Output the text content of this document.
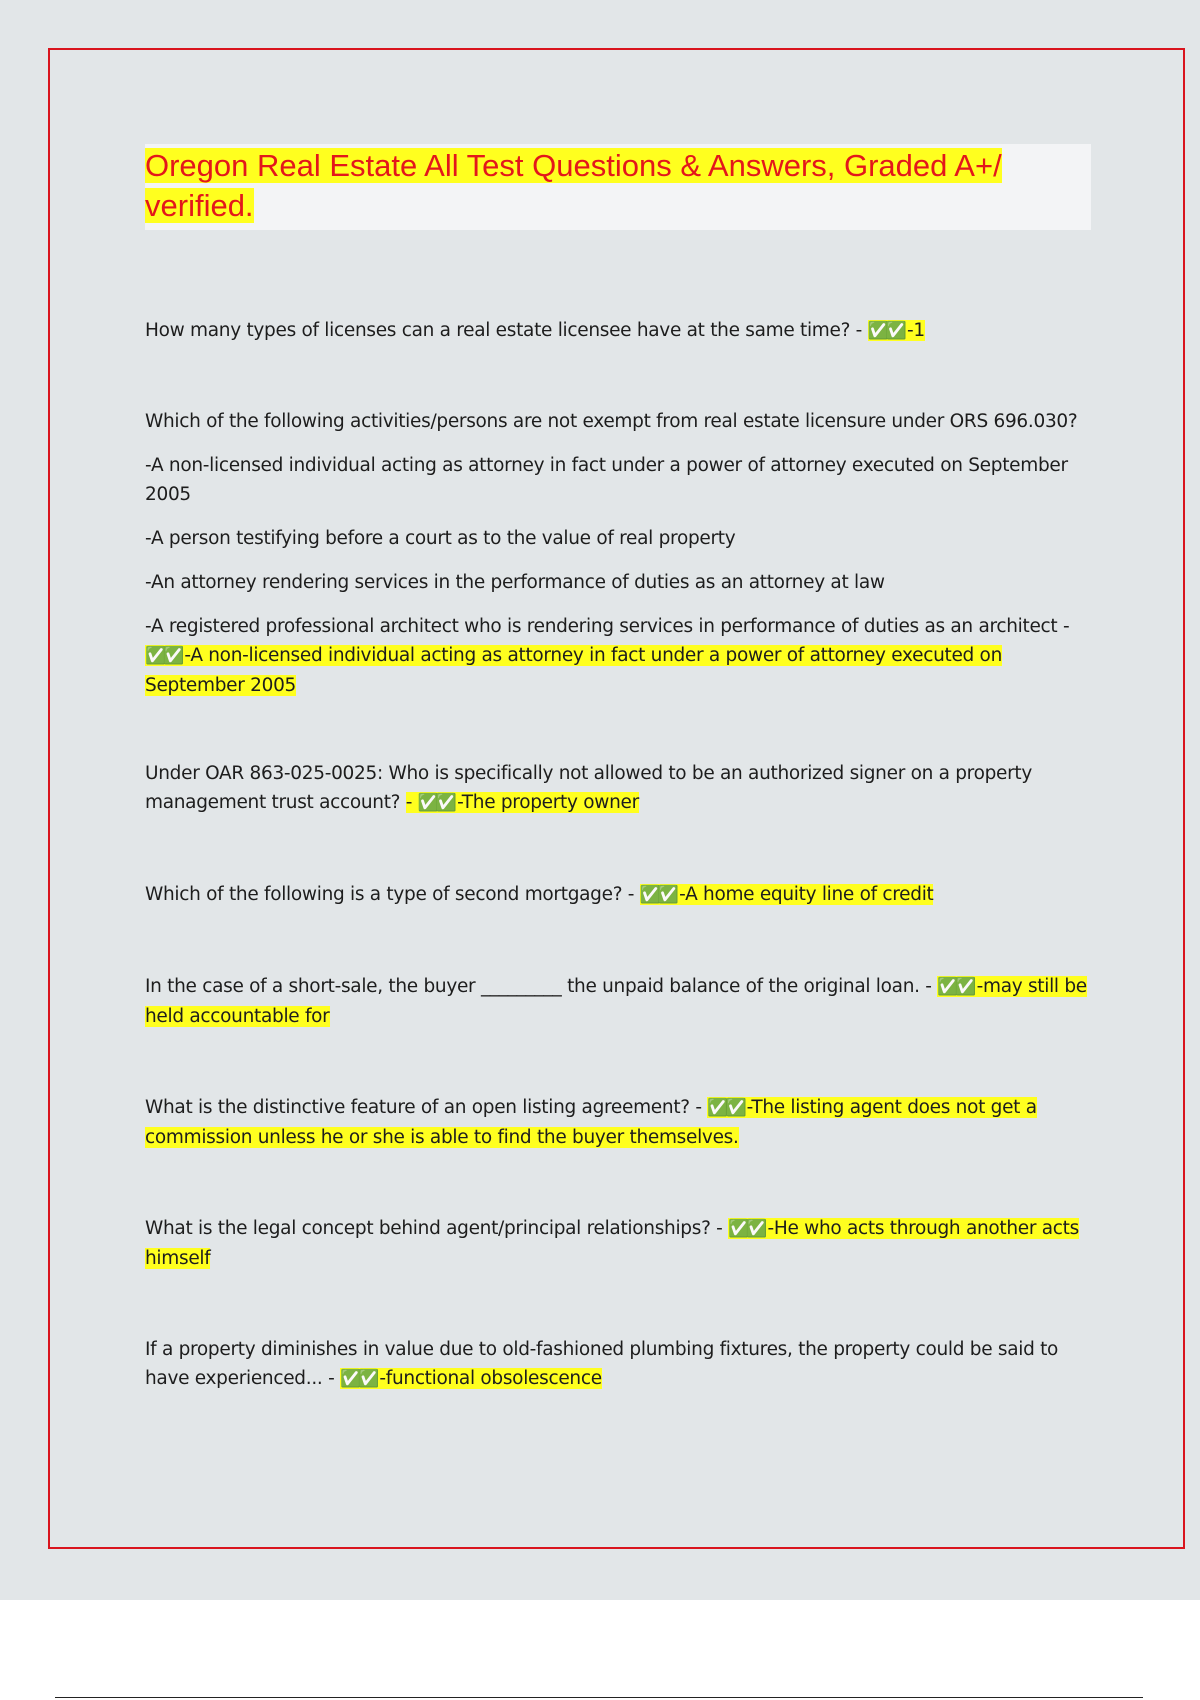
Oregon Real Estate All Test Questions & Answers, Graded A+/ verified.

How many types of licenses can a real estate licensee have at the same time? - ✅✅ -1

Which of the following activities/persons are not exempt from real estate licensure under ORS 696.030?

-A non-licensed individual acting as attorney in fact under a power of attorney executed on September 2005

-A person testifying before a court as to the value of real property

-An attorney rendering services in the performance of duties as an attorney at law

-A registered professional architect who is rendering services in performance of duties as an architect - ✅✅ -A non-licensed individual acting as attorney in fact under a power of attorney executed on September 2005

Under OAR 863-025-0025: Who is specifically not allowed to be an authorized signer on a property management trust account? - ✅✅ -The property owner

Which of the following is a type of second mortgage? - ✅✅ -A home equity line of credit

In the case of a short-sale, the buyer _________ the unpaid balance of the original loan. - ✅✅ -may still be held accountable for

What is the distinctive feature of an open listing agreement? - ✅✅ -The listing agent does not get a commission unless he or she is able to find the buyer themselves.

What is the legal concept behind agent/principal relationships? - ✅✅ -He who acts through another acts himself

If a property diminishes in value due to old-fashioned plumbing fixtures, the property could be said to have experienced... - ✅✅ -functional obsolescence
